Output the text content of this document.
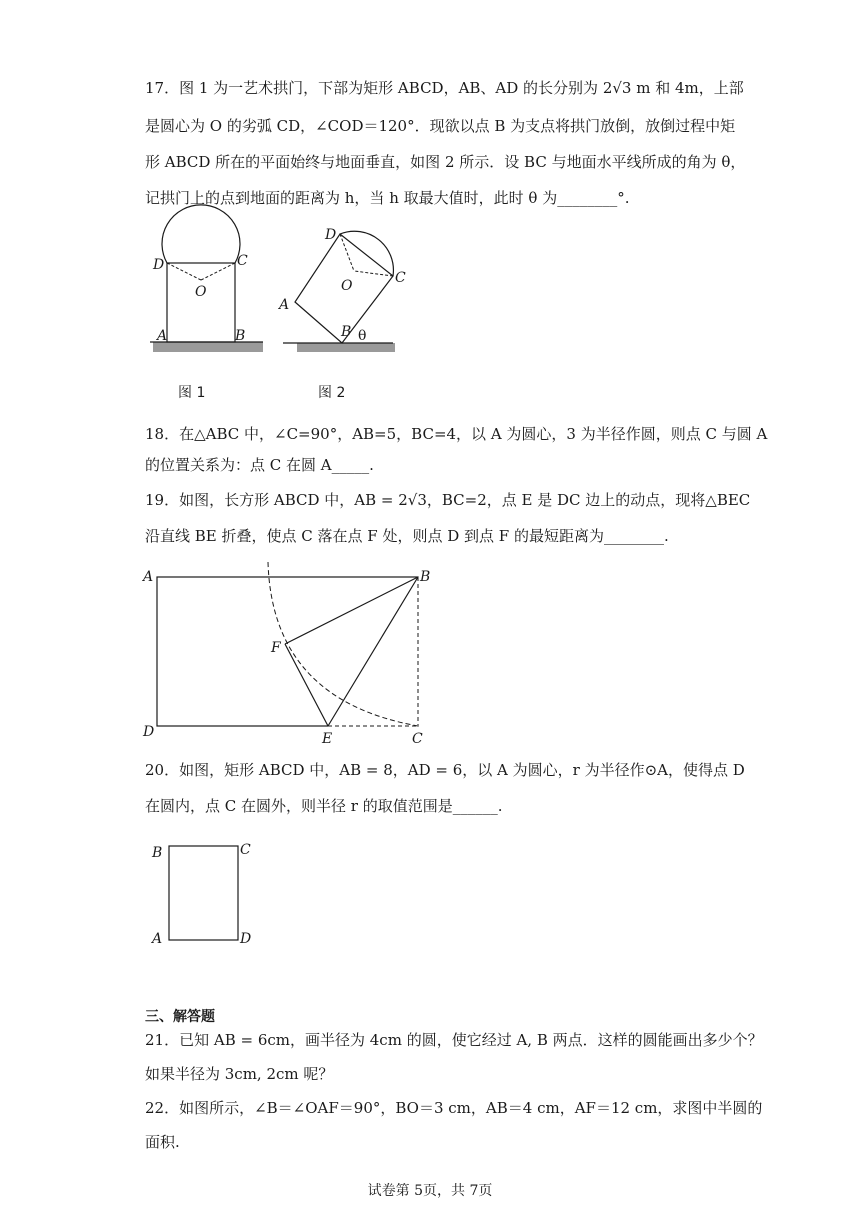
17．图 1 为一艺术拱门，下部为矩形 ABCD，AB、AD 的长分别为 2√3 m 和 4m，上部
是圆心为 O 的劣弧 CD，∠COD＝120°．现欲以点 B 为支点将拱门放倒，放倒过程中矩
形 ABCD 所在的平面始终与地面垂直，如图 2 所示．设 BC 与地面水平线所成的角为 θ，
记拱门上的点到地面的距离为 h，当 h 取最大值时，此时 θ 为________°.
D	C
O
A	B
图 1
D
C
O
A
B θ
图 2
18．在△ABC 中，∠C=90°，AB=5，BC=4，以 A 为圆心，3 为半径作圆，则点 C 与圆 A
的位置关系为：点 C 在圆 A_____.
19．如图，长方形 ABCD 中，AB = 2√3，BC=2，点 E 是 DC 边上的动点，现将△BEC
沿直线 BE 折叠，使点 C 落在点 F 处，则点 D 到点 F 的最短距离为________.
A	B
D	E	C
F
20．如图，矩形 ABCD 中，AB = 8，AD = 6，以 A 为圆心，r 为半径作⊙A，使得点 D
在圆内，点 C 在圆外，则半径 r 的取值范围是______.
B	C
A	D
三、解答题
21．已知 AB = 6cm，画半径为 4cm 的圆，使它经过 A, B 两点．这样的圆能画出多少个？
如果半径为 3cm, 2cm 呢？
22．如图所示，∠B＝∠OAF＝90°，BO＝3 cm，AB＝4 cm，AF＝12 cm，求图中半圆的
面积.
试卷第 5页，共 7页
